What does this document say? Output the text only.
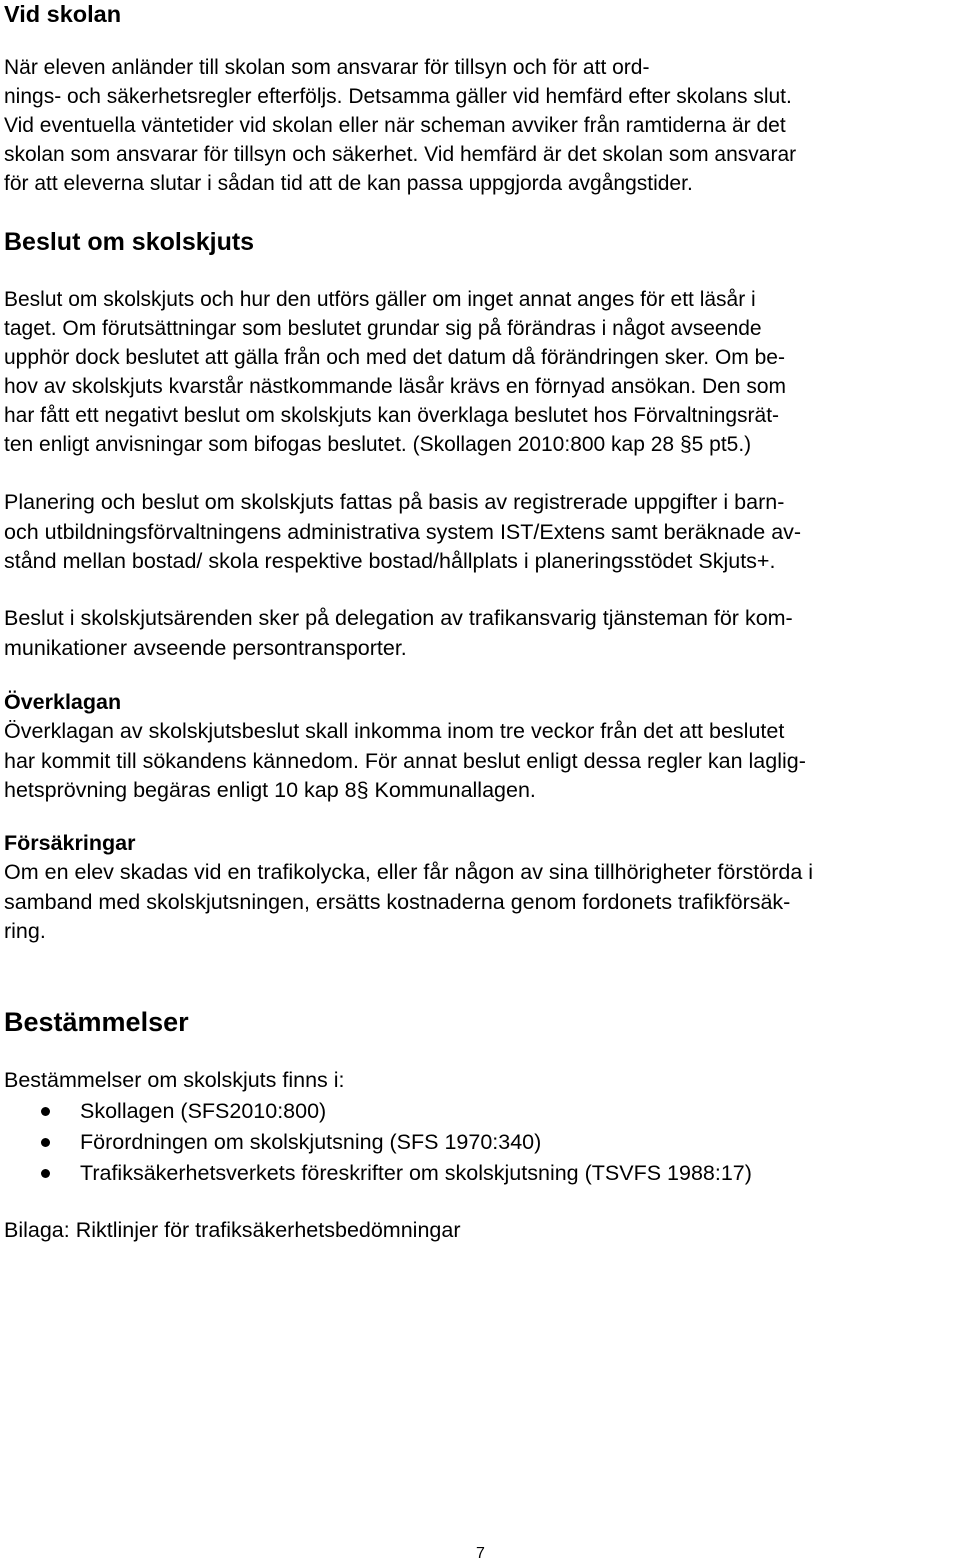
Vid skolan
När eleven anländer till skolan som ansvarar för tillsyn och för att ord-
nings- och säkerhetsregler efterföljs. Detsamma gäller vid hemfärd efter skolans slut.
Vid eventuella väntetider vid skolan eller när scheman avviker från ramtiderna är det
skolan som ansvarar för tillsyn och säkerhet. Vid hemfärd är det skolan som ansvarar
för att eleverna slutar i sådan tid att de kan passa uppgjorda avgångstider.
Beslut om skolskjuts
Beslut om skolskjuts och hur den utförs gäller om inget annat anges för ett läsår i
taget. Om förutsättningar som beslutet grundar sig på förändras i något avseende
upphör dock beslutet att gälla från och med det datum då förändringen sker. Om be-
hov av skolskjuts kvarstår nästkommande läsår krävs en förnyad ansökan. Den som
har fått ett negativt beslut om skolskjuts kan överklaga beslutet hos Förvaltningsrät-
ten enligt anvisningar som bifogas beslutet. (Skollagen 2010:800 kap 28 §5 pt5.)
Planering och beslut om skolskjuts fattas på basis av registrerade uppgifter i barn-
och utbildningsförvaltningens administrativa system IST/Extens samt beräknade av-
stånd mellan bostad/ skola respektive bostad/hållplats i planeringsstödet Skjuts+.
Beslut i skolskjutsärenden sker på delegation av trafikansvarig tjänsteman för kom-
munikationer avseende persontransporter.
Överklagan
Överklagan av skolskjutsbeslut skall inkomma inom tre veckor från det att beslutet
har kommit till sökandens kännedom. För annat beslut enligt dessa regler kan laglig-
hetsprövning begäras enligt 10 kap 8§ Kommunallagen.
Försäkringar
Om en elev skadas vid en trafikolycka, eller får någon av sina tillhörigheter förstörda i
samband med skolskjutsningen, ersätts kostnaderna genom fordonets trafikförsäk-
ring.
Bestämmelser
Bestämmelser om skolskjuts finns i:
Skollagen (SFS2010:800)
Förordningen om skolskjutsning (SFS 1970:340)
Trafiksäkerhetsverkets föreskrifter om skolskjutsning (TSVFS 1988:17)
Bilaga: Riktlinjer för trafiksäkerhetsbedömningar
7
